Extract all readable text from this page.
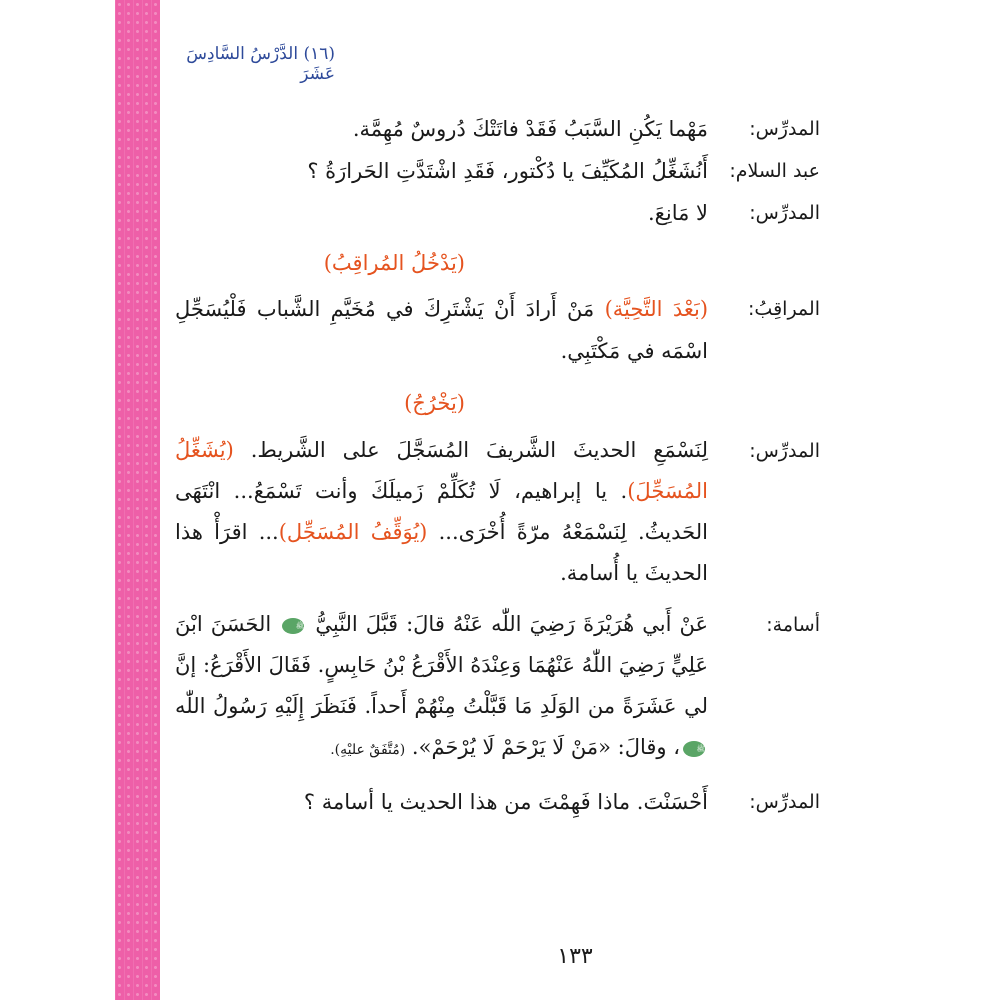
(١٦) الدَّرْسُ السَّادِسَ عَشَرَ
المدرِّس:
مَهْما يَكُنِ السَّبَبُ فَقَدْ فاتَتْكَ دُروسٌ مُهِمَّة.
عبد السلام:
أَنُشَغِّلُ المُكَيِّفَ يا دُكْتور، فَقَدِ اشْتَدَّتِ الحَرارَةُ ؟
المدرِّس:
لا مَانِعَ.
(يَدْخُلُ المُراقِبُ)
المراقِبُ:
(بَعْدَ التَّحِيَّة) مَنْ أَرادَ أَنْ يَشْتَرِكَ في مُخَيَّمِ الشَّباب فَلْيُسَجِّلِ اسْمَه في مَكْتَبِي.
(يَخْرُجُ)
المدرِّس:
لِنَسْمَعِ الحديثَ الشَّريفَ المُسَجَّلَ على الشَّريط. (يُشَغِّلُ المُسَجِّلَ). يا إبراهيم، لَا تُكَلِّمْ زَميلَكَ وأنت تَسْمَعُ... انْتَهَى الحَديثُ. لِنَسْمَعْهُ مرّةً أُخْرَى... (يُوَقِّفُ المُسَجِّل)... اقرَأْ هذا الحديثَ يا أُسامة.
أسامة:
عَنْ أَبي هُرَيْرَةَ رَضِيَ اللّٰه عَنْهُ قالَ: قَبَّلَ النَّبِيُّ ﷺ الحَسَنَ ابْنَ عَلِيٍّ رَضِيَ اللّٰهُ عَنْهُمَا وَعِنْدَهُ الأَقْرَعُ بْنُ حَابِسٍ. فَقَالَ الأَقْرَعُ: إنَّ لي عَشَرَةً من الوَلَدِ مَا قَبَّلْتُ مِنْهُمْ أَحداً. فَنَظَرَ إِلَيْهِ رَسُولُ اللّٰه ﷺ، وقالَ: «مَنْ لَا يَرْحَمْ لَا يُرْحَمْ». (مُتَّفَقٌ عليْهِ).
المدرِّس:
أَحْسَنْتَ. ماذا فَهِمْتَ من هذا الحديث يا أسامة ؟
١٣٣
